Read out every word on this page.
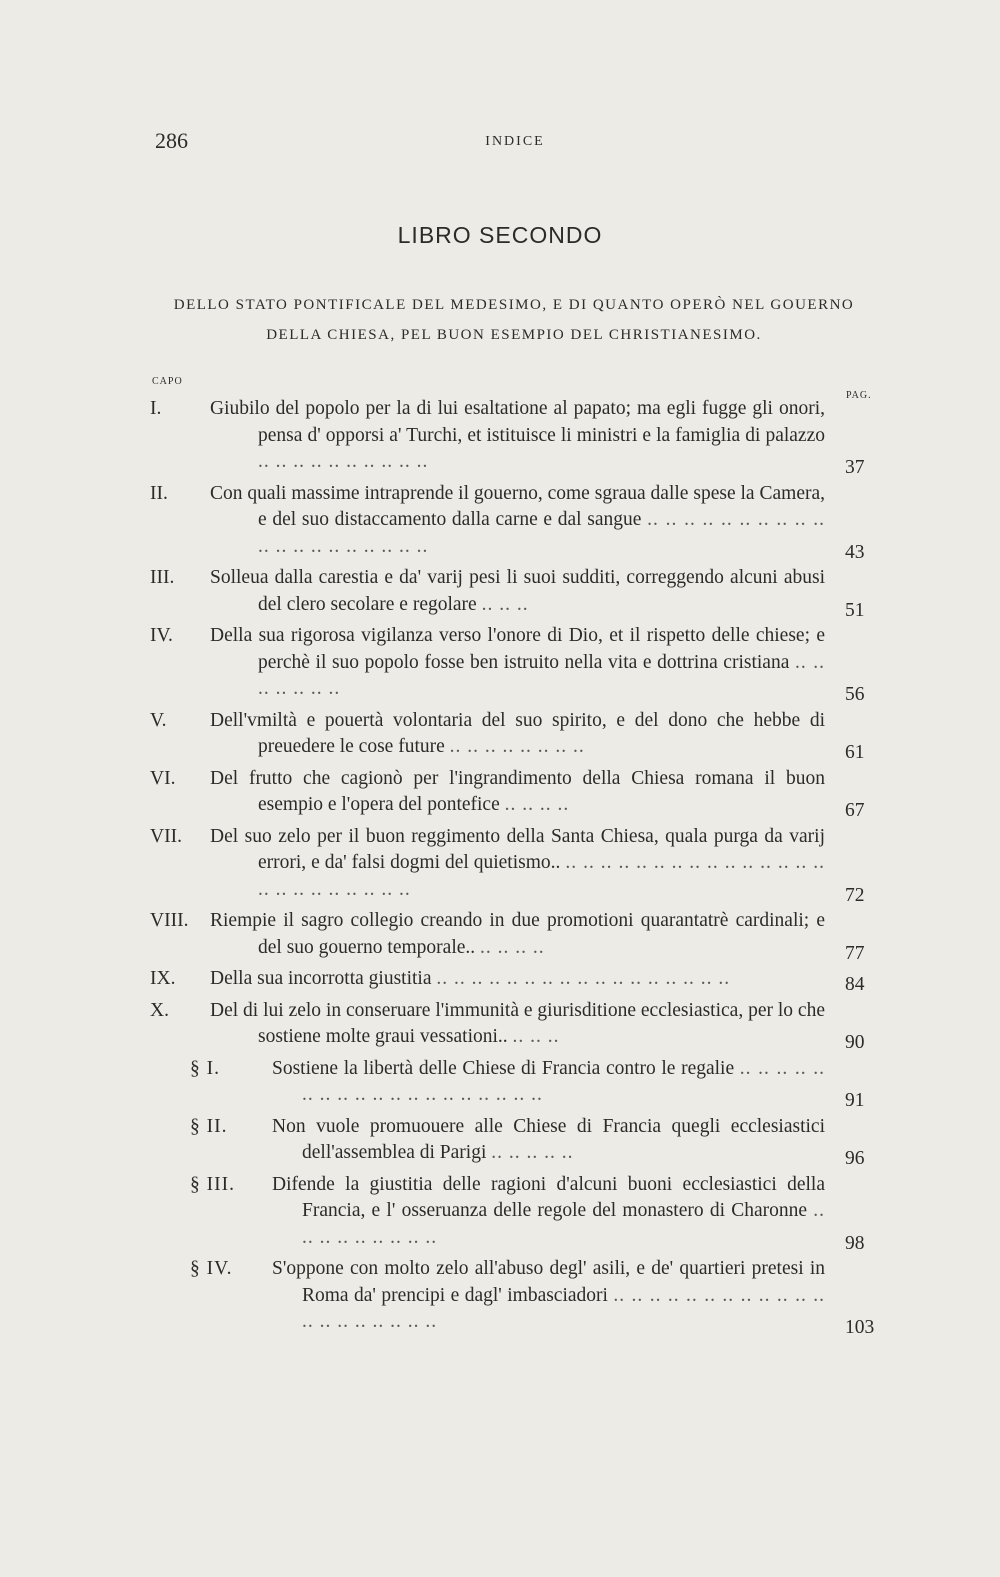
286	INDICE
LIBRO SECONDO
DELLO STATO PONTIFICALE DEL MEDESIMO, E DI QUANTO OPERÒ NEL GOUERNO DELLA CHIESA, PEL BUON ESEMPIO DEL CHRISTIANESIMO.
CAPO
PAG.
I. Giubilo del popolo per la di lui esaltatione al papato; ma egli fugge gli onori, pensa d' opporsi a' Turchi, et istituisce li ministri e la famiglia di palazzo .. .. .. .. .. .. .. .. .. ..	37
II. Con quali massime intraprende il gouerno, come sgraua dalle spese la Camera, e del suo distaccamento dalla carne e dal sangue .. .. .. .. .. .. .. .. .. .. .. .. .. .. .. .. .. .. .. ..	43
III. Solleua dalla carestia e da' varij pesi li suoi sudditi, correggendo alcuni abusi del clero secolare e regolare .. .. ..	51
IV. Della sua rigorosa vigilanza verso l'onore di Dio, et il rispetto delle chiese; e perchè il suo popolo fosse ben istruito nella vita e dottrina cristiana .. .. .. .. .. .. ..	56
V. Dell'vmiltà e pouertà volontaria del suo spirito, e del dono che hebbe di preuedere le cose future .. .. .. .. .. .. .. ..	61
VI. Del frutto che cagionò per l'ingrandimento della Chiesa romana il buon esempio e l'opera del pontefice .. .. .. ..	67
VII. Del suo zelo per il buon reggimento della Santa Chiesa, quala purga da varij errori, e da' falsi dogmi del quietismo.. .. .. .. .. .. .. .. .. .. .. .. .. .. .. .. .. .. .. .. .. .. .. .. ..	72
VIII. Riempie il sagro collegio creando in due promotioni quarantatrè cardinali; e del suo gouerno temporale.. .. .. .. ..	77
IX. Della sua incorrotta giustitia .. .. .. .. .. .. .. .. .. .. .. .. .. .. .. .. ..	84
X. Del di lui zelo in conseruare l'immunità e giurisditione ecclesiastica, per lo che sostiene molte graui vessationi.. .. .. ..	90
§ I.	Sostiene la libertà delle Chiese di Francia contro le regalie .. .. .. .. .. .. .. .. .. .. .. .. .. .. .. .. .. .. ..	91
§ II. Non vuole promuouere alle Chiese di Francia quegli ecclesiastici dell'assemblea di Parigi .. .. .. .. ..	96
§ III. Difende la giustitia delle ragioni d'alcuni buoni ecclesiastici della Francia, e l' osseruanza delle regole del monastero di Charonne .. .. .. .. .. .. .. .. ..	98
§ IV. S'oppone con molto zelo all'abuso degl' asili, e de' quartieri pretesi in Roma da' prencipi e dagl' imbasciadori .. .. .. .. .. .. .. .. .. .. .. .. .. .. .. .. .. .. .. ..	103
